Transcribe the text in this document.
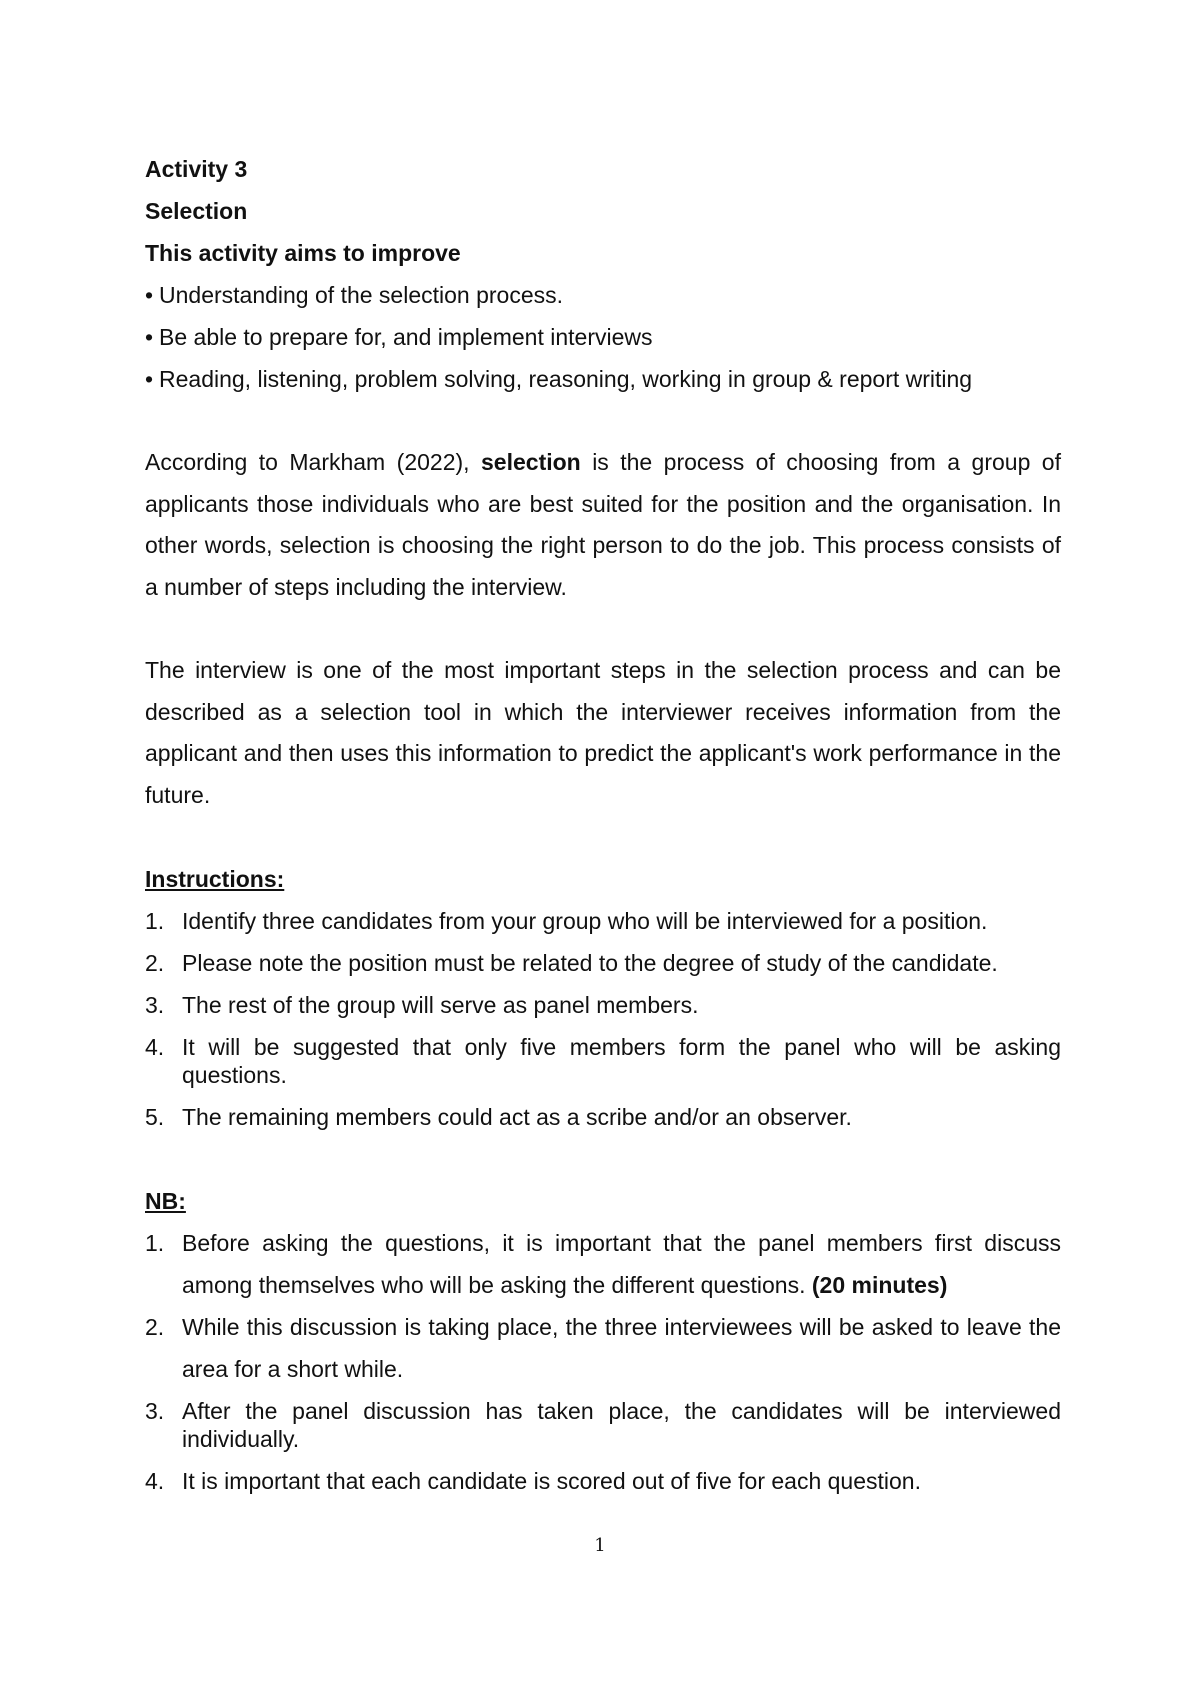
Activity 3

Selection

This activity aims to improve

• Understanding of the selection process.

• Be able to prepare for, and implement interviews

• Reading, listening, problem solving, reasoning, working in group & report writing

According to Markham (2022), selection is the process of choosing from a group of applicants those individuals who are best suited for the position and the organisation. In other words, selection is choosing the right person to do the job. This process consists of a number of steps including the interview.

The interview is one of the most important steps in the selection process and can be described as a selection tool in which the interviewer receives information from the applicant and then uses this information to predict the applicant's work performance in the future.

Instructions:

1. Identify three candidates from your group who will be interviewed for a position.
2. Please note the position must be related to the degree of study of the candidate.
3. The rest of the group will serve as panel members.
4. It will be suggested that only five members form the panel who will be asking questions.
5. The remaining members could act as a scribe and/or an observer.

NB:

1. Before asking the questions, it is important that the panel members first discuss among themselves who will be asking the different questions. (20 minutes)
2. While this discussion is taking place, the three interviewees will be asked to leave the area for a short while.
3. After the panel discussion has taken place, the candidates will be interviewed individually.
4. It is important that each candidate is scored out of five for each question.
1
